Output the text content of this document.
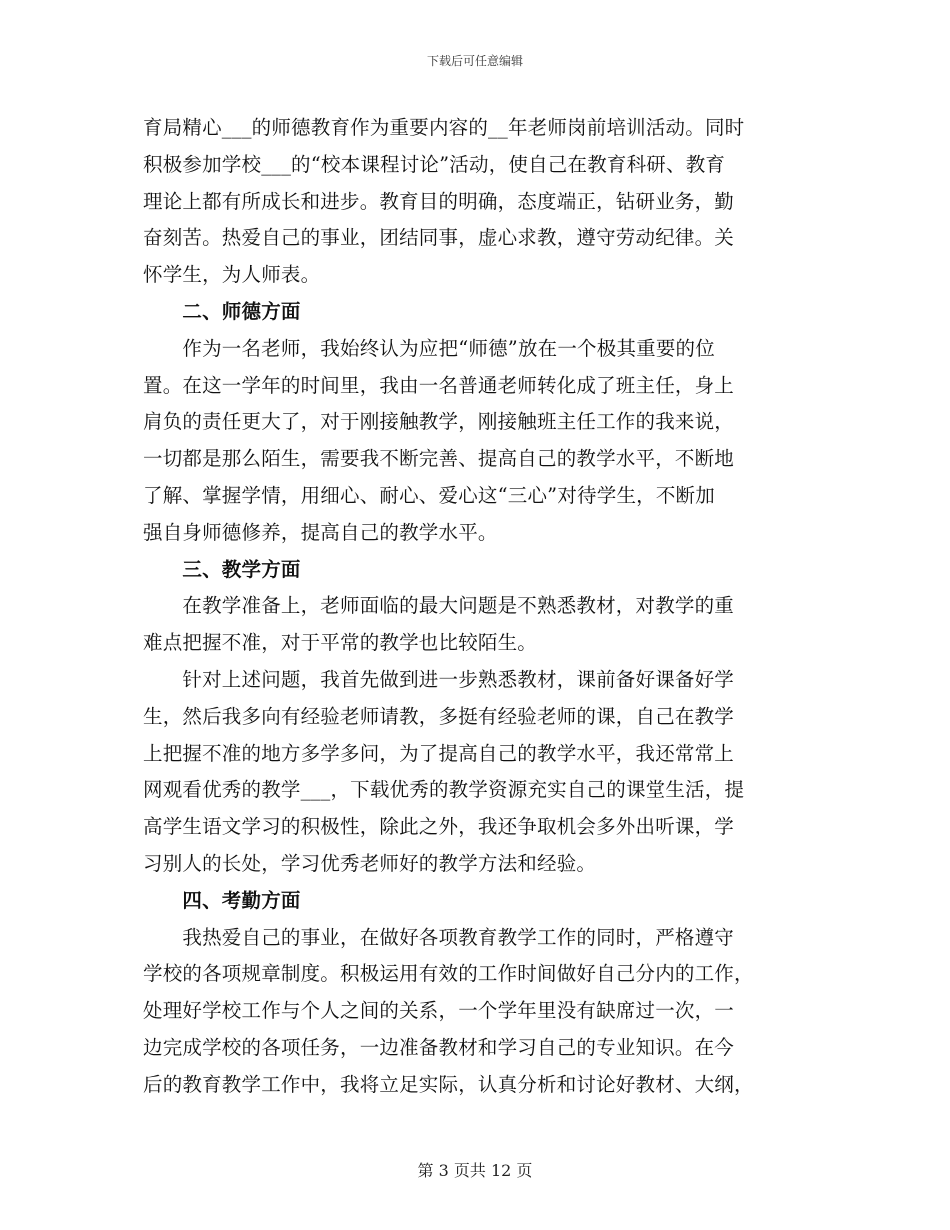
下载后可任意编辑
育局精心___的师德教育作为重要内容的__年老师岗前培训活动。同时
积极参加学校___的“校本课程讨论”活动，使自己在教育科研、教育
理论上都有所成长和进步。教育目的明确，态度端正，钻研业务，勤
奋刻苦。热爱自己的事业，团结同事，虚心求教，遵守劳动纪律。关
怀学生，为人师表。
　　二、师德方面
　　作为一名老师，我始终认为应把“师德”放在一个极其重要的位
置。在这一学年的时间里，我由一名普通老师转化成了班主任，身上
肩负的责任更大了，对于刚接触教学，刚接触班主任工作的我来说，
一切都是那么陌生，需要我不断完善、提高自己的教学水平，不断地
了解、掌握学情，用细心、耐心、爱心这“三心”对待学生，不断加
强自身师德修养，提高自己的教学水平。
　　三、教学方面
　　在教学准备上，老师面临的最大问题是不熟悉教材，对教学的重
难点把握不准，对于平常的教学也比较陌生。
　　针对上述问题，我首先做到进一步熟悉教材，课前备好课备好学
生，然后我多向有经验老师请教，多挺有经验老师的课，自己在教学
上把握不准的地方多学多问，为了提高自己的教学水平，我还常常上
网观看优秀的教学___，下载优秀的教学资源充实自己的课堂生活，提
高学生语文学习的积极性，除此之外，我还争取机会多外出听课，学
习别人的长处，学习优秀老师好的教学方法和经验。
　　四、考勤方面
　　我热爱自己的事业，在做好各项教育教学工作的同时，严格遵守
学校的各项规章制度。积极运用有效的工作时间做好自己分内的工作，
处理好学校工作与个人之间的关系，一个学年里没有缺席过一次，一
边完成学校的各项任务，一边准备教材和学习自己的专业知识。在今
后的教育教学工作中，我将立足实际，认真分析和讨论好教材、大纲，
第 3 页共 12 页
